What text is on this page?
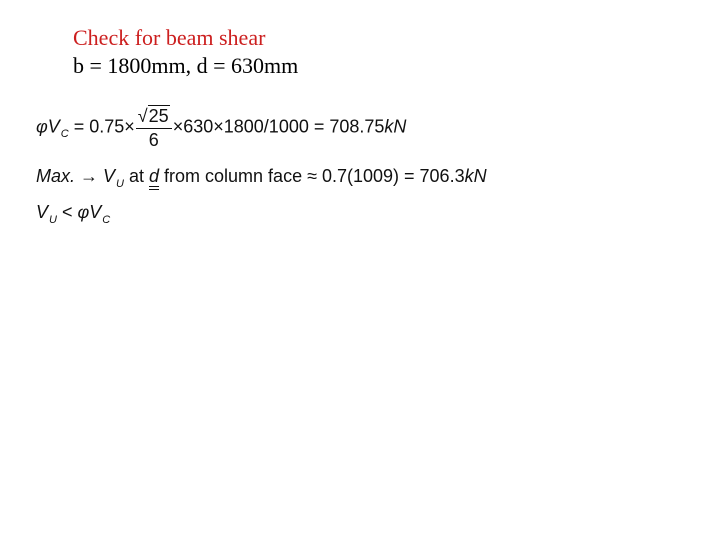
Check for beam shear
b = 1800mm, d = 630mm
$\varphi V_C = 0.75\times \frac{√25}{6} \times 630\times 1800/1000 = 708.75kN$
Max. → $V_U$ at d from column face ≈ 0.7(1009) = 706.3kN
$V_U < \varphi V_C$
